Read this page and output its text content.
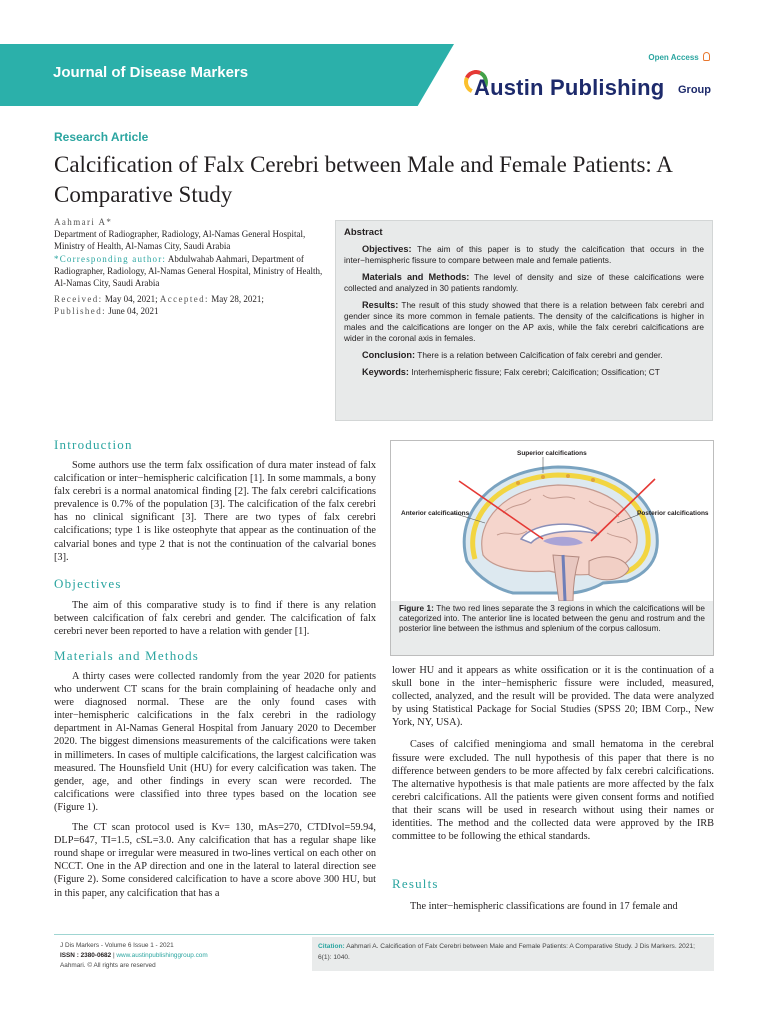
Open Access
Journal of Disease Markers
Austin Publishing Group
Research Article
Calcification of Falx Cerebri between Male and Female Patients: A Comparative Study

Aahmari A*

Department of Radiographer, Radiology, Al-Namas General Hospital, Ministry of Health, Al-Namas City, Saudi Arabia

*Corresponding author: Abdulwahab Aahmari, Department of Radiographer, Radiology, Al-Namas General Hospital, Ministry of Health, Al-Namas City, Saudi Arabia

Received: May 04, 2021; Accepted: May 28, 2021;

Published: June 04, 2021

Abstract

Objectives: The aim of this paper is to study the calcification that occurs in the inter−hemispheric fissure to compare between male and female patients.

Materials and Methods: The level of density and size of these calcifications were collected and analyzed in 30 patients randomly.

Results: The result of this study showed that there is a relation between falx cerebri and gender since its more common in female patients. The density of the calcifications is higher in males and the calcifications are longer on the AP axis, while the falx cerebri calcifications are wider in the coronal axis in females.

Conclusion: There is a relation between Calcification of falx cerebri and gender.

Keywords: Interhemispheric fissure; Falx cerebri; Calcification; Ossification; CT

Introduction

Some authors use the term falx ossification of dura mater instead of falx calcification or inter−hemispheric calcification [1]. In some mammals, a bony falx cerebri is a normal anatomical finding [2]. The falx cerebri calcifications prevalence is 0.7% of the population [3]. The calcification of the falx cerebri has no clinical significant [3]. There are two types of falx cerebri calcifications; type 1 is like osteophyte that appear as the continuation of the calvarial bones and type 2 that is not the continuation of the calvarial bones [3].

Objectives

The aim of this comparative study is to find if there is any relation between calcification of falx cerebri and gender. The calcification of falx cerebri never been reported to have a relation with gender [1].

Materials and Methods

A thirty cases were collected randomly from the year 2020 for patients who underwent CT scans for the brain complaining of headache only and were diagnosed normal. These are the only found cases with inter−hemispheric calcifications in the falx cerebri in the radiology department in Al-Namas General Hospital from January 2020 to December 2020. The biggest dimensions measurements of the calcifications were taken in millimeters. In cases of multiple calcifications, the largest calcification was measured. The Hounsfield Unit (HU) for every calcification was taken. The gender, age, and other findings in every scan were recorded. The calcifications were classified into three types based on the location see (Figure 1).

The CT scan protocol used is Kv= 130, mAs=270, CTDIvol=59.94, DLP=647, TI=1.5, cSL=3.0. Any calcification that has a regular shape like round shape or irregular were measured in two-lines vertical on each other on NCCT. One in the AP direction and one in the lateral to lateral direction see (Figure 2). Some considered calcification to have a score above 300 HU, but in this paper, any calcification that has a

Superior calcifications
Anterior calcifications	Posterior calcifications
Figure 1: The two red lines separate the 3 regions in which the calcifications will be categorized into. The anterior line is located between the genu and rostrum and the posterior line between the isthmus and splenium of the corpus callosum.

lower HU and it appears as white ossification or it is the continuation of a skull bone in the inter−hemispheric fissure were included, measured, collected, analyzed, and the result will be provided. The data were analyzed by using Statistical Package for Social Studies (SPSS 20; IBM Corp., New York, NY, USA).

Cases of calcified meningioma and small hematoma in the cerebral fissure were excluded. The null hypothesis of this paper that there is no difference between genders to be more affected by falx cerebri calcifications. The alternative hypothesis is that male patients are more affected by the falx cerebri calcifications. All the patients were given consent forms and notified that their scans will be used in research without using their names or identities. The method and the collected data were approved by the IRB committee to be following the ethical standards.

Results

The inter−hemispheric classifications are found in 17 female and

J Dis Markers - Volume 6 Issue 1 - 2021
ISSN : 2380-0682 | www.austinpublishinggroup.com
Aahmari. © All rights are reserved
Citation: Aahmari A. Calcification of Falx Cerebri between Male and Female Patients: A Comparative Study. J Dis Markers. 2021; 6(1): 1040.
